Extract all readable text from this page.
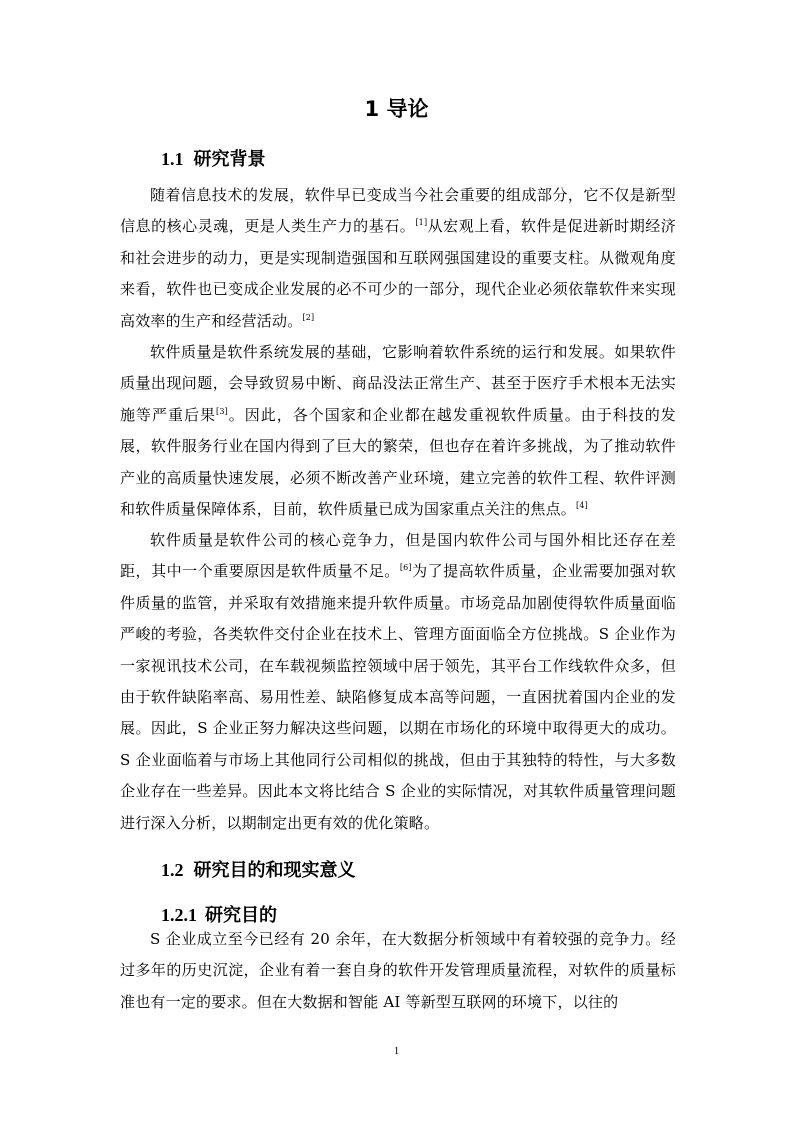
1 导论
1.1 研究背景
随着信息技术的发展，软件早已变成当今社会重要的组成部分，它不仅是新型信息的核心灵魂，更是人类生产力的基石。[1]从宏观上看，软件是促进新时期经济和社会进步的动力，更是实现制造强国和互联网强国建设的重要支柱。从微观角度来看，软件也已变成企业发展的必不可少的一部分，现代企业必须依靠软件来实现高效率的生产和经营活动。[2]
软件质量是软件系统发展的基础，它影响着软件系统的运行和发展。如果软件质量出现问题，会导致贸易中断、商品没法正常生产、甚至于医疗手术根本无法实施等严重后果[3]。因此，各个国家和企业都在越发重视软件质量。由于科技的发展，软件服务行业在国内得到了巨大的繁荣，但也存在着许多挑战，为了推动软件产业的高质量快速发展，必须不断改善产业环境，建立完善的软件工程、软件评测和软件质量保障体系，目前，软件质量已成为国家重点关注的焦点。[4]
软件质量是软件公司的核心竞争力，但是国内软件公司与国外相比还存在差距，其中一个重要原因是软件质量不足。[6]为了提高软件质量，企业需要加强对软件质量的监管，并采取有效措施来提升软件质量。市场竞品加剧使得软件质量面临严峻的考验，各类软件交付企业在技术上、管理方面面临全方位挑战。S 企业作为一家视讯技术公司，在车载视频监控领域中居于领先，其平台工作线软件众多，但由于软件缺陷率高、易用性差、缺陷修复成本高等问题，一直困扰着国内企业的发展。因此，S 企业正努力解决这些问题，以期在市场化的环境中取得更大的成功。S 企业面临着与市场上其他同行公司相似的挑战，但由于其独特的特性，与大多数企业存在一些差异。因此本文将比结合 S 企业的实际情况，对其软件质量管理问题进行深入分析，以期制定出更有效的优化策略。
1.2 研究目的和现实意义
1.2.1 研究目的
S 企业成立至今已经有 20 余年，在大数据分析领域中有着较强的竞争力。经过多年的历史沉淀，企业有着一套自身的软件开发管理质量流程，对软件的质量标准也有一定的要求。但在大数据和智能 AI 等新型互联网的环境下，以往的
1
